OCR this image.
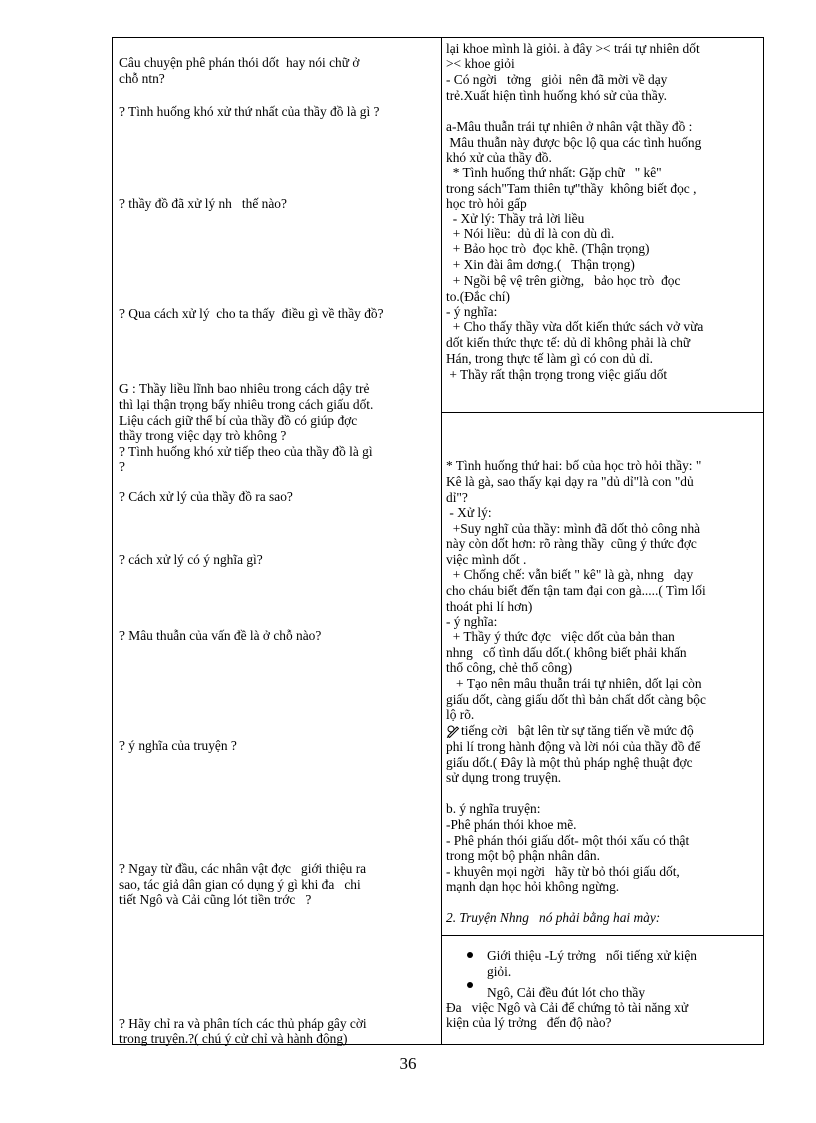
Câu chuyện phê phán thói dốt  hay nói chữ ở
chỗ ntn?
? Tình huống khó xử thứ nhất của thầy đồ là gì ?
? thầy đồ đã xử lý nh   thế nào?
? Qua cách xử lý  cho ta thấy  điều gì về thầy đồ?
G : Thầy liều lĩnh bao nhiêu trong cách dậy trẻ
thì lại thận trọng bấy nhiêu trong cách giấu dốt.
Liệu cách giữ thể bí của thầy đồ có giúp đợc
thầy trong việc dạy trò không ?
? Tình huống khó xử tiếp theo của thầy đồ là gì
?
? Cách xử lý của thầy đồ ra sao?
? cách xử lý có ý nghĩa gì?
? Mâu thuẫn của vấn đề là ở chỗ nào?
? ý nghĩa của truyện ?
? Ngay từ đầu, các nhân vật đợc   giới thiệu ra
sao, tác giả dân gian có dụng ý gì khi đa   chi
tiết Ngô và Cải cũng lót tiền trớc   ?
? Hãy chỉ ra và phân tích các thủ pháp gây cời
trong truyện.?( chú ý cử chỉ và hành động)
lại khoe mình là giỏi. à đây >< trái tự nhiên dốt
>< khoe giỏi
- Có ngời   tởng   giỏi  nên đã mời về dạy
trẻ.Xuất hiện tình huống khó sử của thầy.
a-Mâu thuẫn trái tự nhiên ở nhân vật thầy đồ :
Mâu thuẫn này được bộc lộ qua các tình huống
khó xử của thầy đồ.
* Tình huống thứ nhất: Gặp chữ   " kê"
trong sách"Tam thiên tự"thầy  không biết đọc ,
học trò hỏi gấp
- Xử lý: Thầy trả lời liều
+ Nói liều:  dủ dỉ là con dù dì.
+ Bảo học trò  đọc khẽ. (Thận trọng)
+ Xin đài âm dơng.(   Thận trọng)
+ Ngồi bệ vệ trên giờng,   bảo học trò  đọc
to.(Đắc chí)
- ý nghĩa:
+ Cho thấy thầy vừa dốt kiến thức sách vở vừa
dốt kiến thức thực tế: dủ dỉ không phải là chữ
Hán, trong thực tế làm gì có con dủ dỉ.
+ Thầy rất thận trọng trong việc giấu dốt
* Tình huống thứ hai: bố của học trò hỏi thầy: "
Kê là gà, sao thấy kại dạy ra "dủ dỉ"là con "dủ
dỉ"?
- Xử lý:
+Suy nghĩ của thầy: mình đã dốt thỏ công nhà
này còn dốt hơn: rõ ràng thầy  cũng ý thức đợc
việc mình dốt .
+ Chống chế: vẫn biết " kê" là gà, nhng   dạy
cho cháu biết đến tận tam đại con gà.....( Tìm lối
thoát phi lí hơn)
- ý nghĩa:
+ Thầy ý thức đợc   việc dốt của bản than
nhng   cố tình dấu dốt.( không biết phải khấn
thổ công, chẻ thổ công)
+ Tạo nên mâu thuẫn trái tự nhiên, dốt lại còn
giấu dốt, càng giấu dốt thì bản chất dốt càng bộc
lộ rõ.
tiếng cời   bật lên từ sự tăng tiến về mức độ
phi lí trong hành động và lời nói của thầy đồ để
giấu dốt.( Đây là một thủ pháp nghệ thuật đợc
sử dụng trong truyện.
b. ý nghĩa truyện:
-Phê phán thói khoe mẽ.
- Phê phán thói giấu dốt- một thói xấu có thật
trong một bộ phận nhân dân.
- khuyên mọi ngời   hãy từ bỏ thói giấu dốt,
mạnh dạn học hỏi không ngừng.
2. Truyện Nhng   nó phải bằng hai mày:
Giới thiệu -Lý trởng   nổi tiếng xử kiện
giỏi.
Ngô, Cải đều đút lót cho thầy
Đa   việc Ngô và Cải để chứng tỏ tài năng xử
kiện của lý trởng   đến độ nào?
36
